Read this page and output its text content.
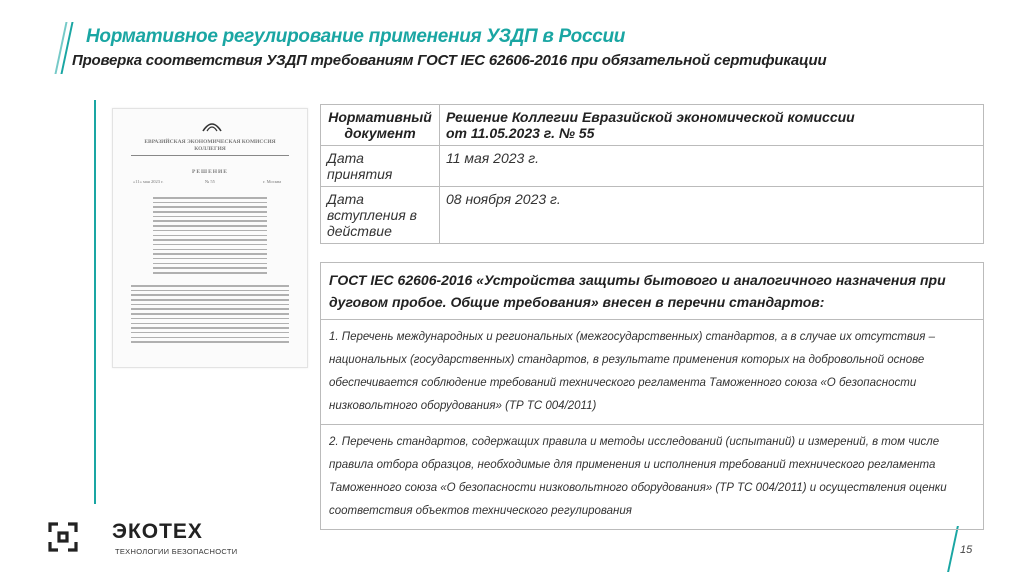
Нормативное регулирование применения УЗДП в России
Проверка соответствия УЗДП требованиям ГОСТ IEC 62606-2016 при обязательной сертификации
ЕВРАЗИЙСКАЯ ЭКОНОМИЧЕСКАЯ КОМИССИЯ
КОЛЛЕГИЯ
РЕШЕНИЕ
«11» мая 2023 г.	№ 55	г. Москва
Нормативный документ	Решение Коллегии Евразийской экономической комиссии
от 11.05.2023 г. № 55

Дата принятия	11 мая 2023 г.
Дата вступления в действие	08 ноября 2023 г.
ГОСТ IEC 62606-2016 «Устройства защиты бытового и аналогичного назначения при дуговом пробое. Общие требования» внесен в перечни стандартов:
1. Перечень международных и региональных (межгосударственных) стандартов, а в случае их отсутствия – национальных (государственных) стандартов, в результате применения которых на добровольной основе обеспечивается соблюдение требований технического регламента Таможенного союза «О безопасности низковольтного оборудования» (ТР ТС 004/2011)
2. Перечень стандартов, содержащих правила и методы исследований (испытаний) и измерений, в том числе правила отбора образцов, необходимые для применения и исполнения требований технического регламента Таможенного союза «О безопасности низковольтного оборудования» (ТР ТС 004/2011) и осуществления оценки соответствия объектов технического регулирования
ЭКОТЕХ
ТЕХНОЛОГИИ БЕЗОПАСНОСТИ	15
